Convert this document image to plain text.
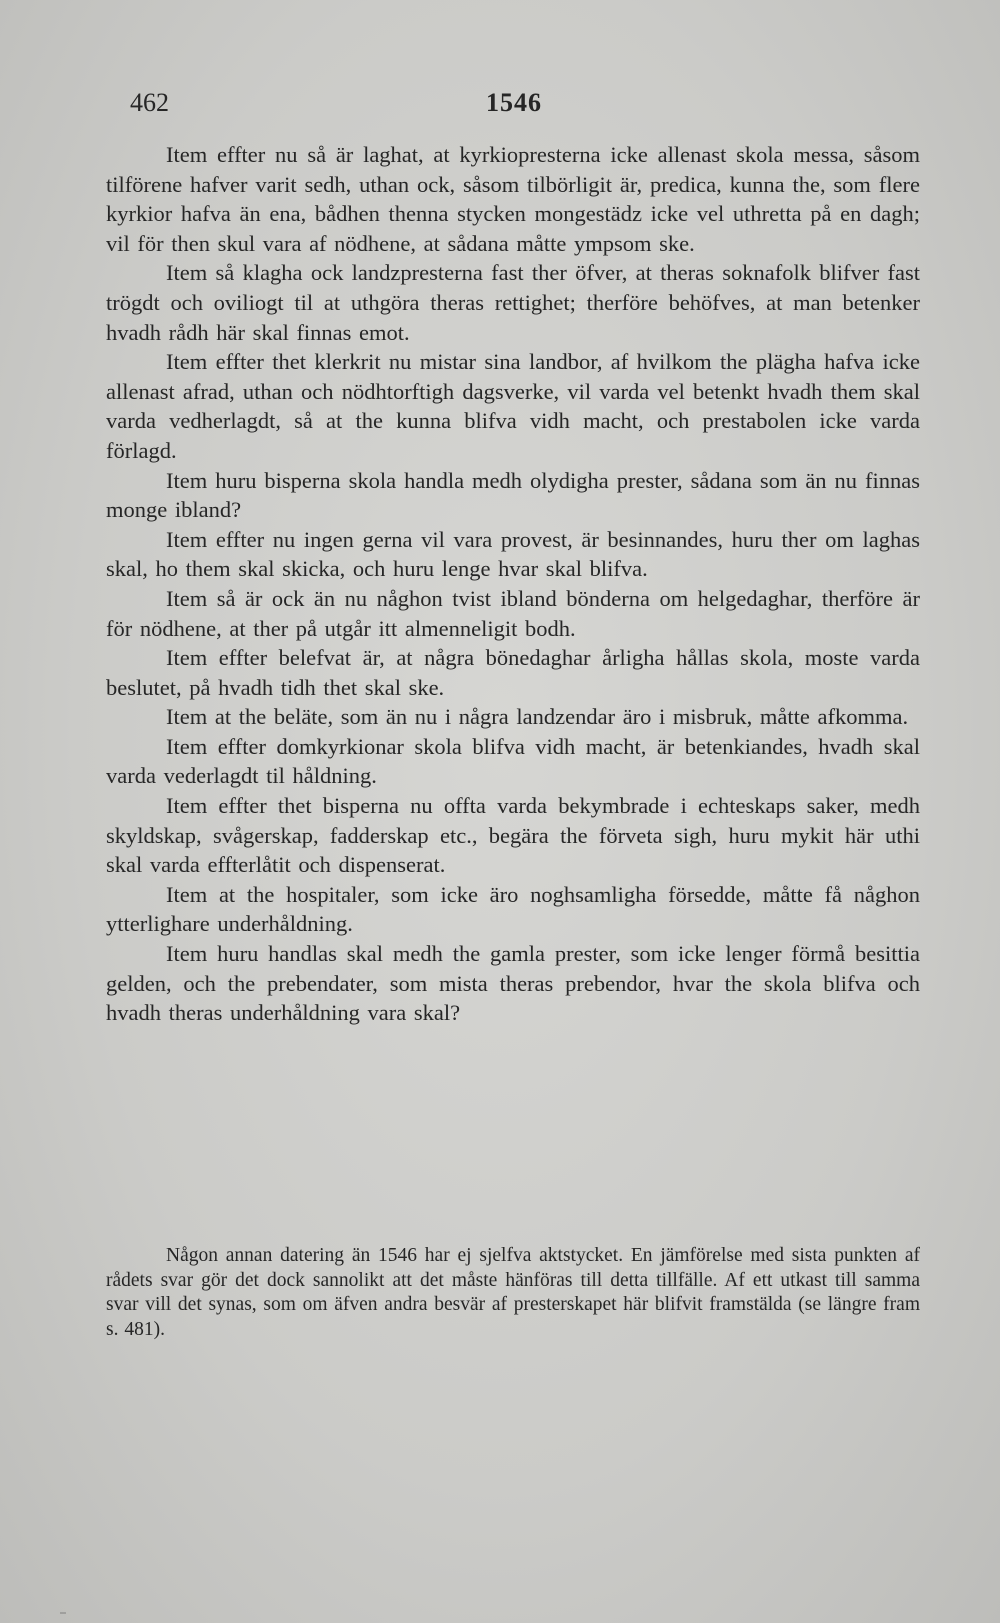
462	1546

Item effter nu så är laghat, at kyrkiopresterna icke allenast skola messa, såsom tilförene hafver varit sedh, uthan ock, såsom tilbörligit är, predica, kunna the, som flere kyrkior hafva än ena, bådhen thenna stycken mongestädz icke vel uthretta på en dagh; vil för then skul vara af nödhene, at sådana måtte ympsom ske.

Item så klagha ock landzpresterna fast ther öfver, at theras soknafolk blifver fast trögdt och oviliogt til at uthgöra theras rettighet; therföre behöfves, at man betenker hvadh rådh här skal finnas emot.

Item effter thet klerkrit nu mistar sina landbor, af hvilkom the plägha hafva icke allenast afrad, uthan och nödhtorftigh dagsverke, vil varda vel betenkt hvadh them skal varda vedherlagdt, så at the kunna blifva vidh macht, och prestabolen icke varda förlagd.

Item huru bisperna skola handla medh olydigha prester, sådana som än nu finnas monge ibland?

Item effter nu ingen gerna vil vara provest, är besinnandes, huru ther om laghas skal, ho them skal skicka, och huru lenge hvar skal blifva.

Item så är ock än nu någhon tvist ibland bönderna om helgedaghar, therföre är för nödhene, at ther på utgår itt almenneligit bodh.

Item effter belefvat är, at några bönedaghar årligha hållas skola, moste varda beslutet, på hvadh tidh thet skal ske.

Item at the beläte, som än nu i några landzendar äro i misbruk, måtte afkomma.

Item effter domkyrkionar skola blifva vidh macht, är betenkiandes, hvadh skal varda vederlagdt til håldning.

Item effter thet bisperna nu offta varda bekymbrade i echteskaps saker, medh skyldskap, svågerskap, fadderskap etc., begära the förveta sigh, huru mykit här uthi skal varda effterlåtit och dispenserat.

Item at the hospitaler, som icke äro noghsamligha försedde, måtte få någhon ytterlighare underhåldning.

Item huru handlas skal medh the gamla prester, som icke lenger förmå besittia gelden, och the prebendater, som mista theras prebendor, hvar the skola blifva och hvadh theras underhåldning vara skal?

Någon annan datering än 1546 har ej sjelfva aktstycket. En jämförelse med sista punkten af rådets svar gör det dock sannolikt att det måste hänföras till detta tillfälle. Af ett utkast till samma svar vill det synas, som om äfven andra besvär af presterskapet här blifvit framstälda (se längre fram s. 481).
